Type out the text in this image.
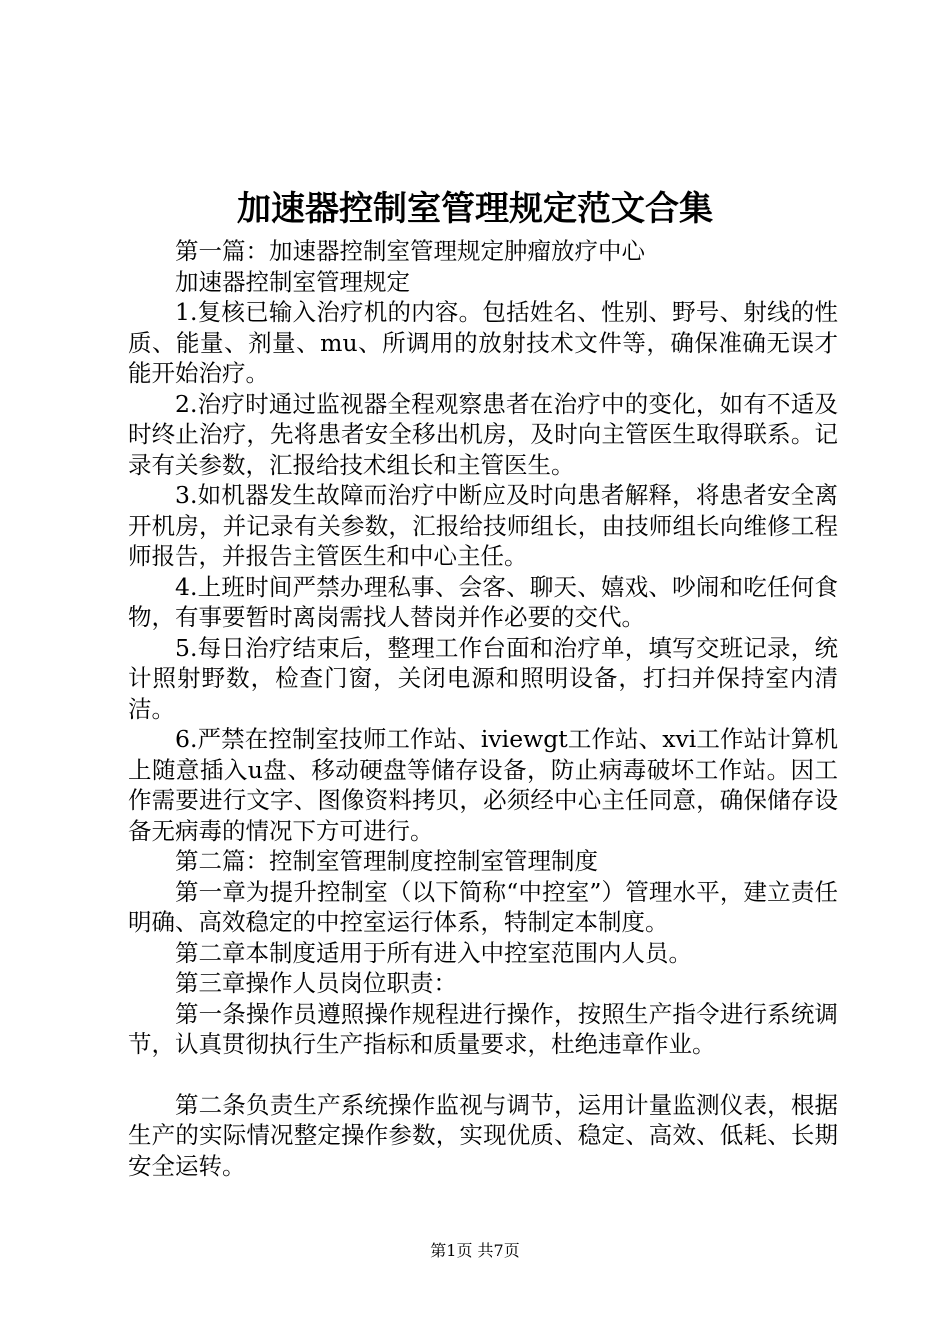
加速器控制室管理规定范文合集

第一篇：加速器控制室管理规定肿瘤放疗中心

加速器控制室管理规定

1.复核已输入治疗机的内容。包括姓名、性别、野号、射线的性质、能量、剂量、mu、所调用的放射技术文件等，确保准确无误才能开始治疗。

2.治疗时通过监视器全程观察患者在治疗中的变化，如有不适及时终止治疗，先将患者安全移出机房，及时向主管医生取得联系。记录有关参数，汇报给技术组长和主管医生。

3.如机器发生故障而治疗中断应及时向患者解释，将患者安全离开机房，并记录有关参数，汇报给技师组长，由技师组长向维修工程师报告，并报告主管医生和中心主任。

4.上班时间严禁办理私事、会客、聊天、嬉戏、吵闹和吃任何食物，有事要暂时离岗需找人替岗并作必要的交代。

5.每日治疗结束后，整理工作台面和治疗单，填写交班记录，统计照射野数，检查门窗，关闭电源和照明设备，打扫并保持室内清洁。

6.严禁在控制室技师工作站、iviewgt工作站、xvi工作站计算机上随意插入u盘、移动硬盘等储存设备，防止病毒破坏工作站。因工作需要进行文字、图像资料拷贝，必须经中心主任同意，确保储存设备无病毒的情况下方可进行。

第二篇：控制室管理制度控制室管理制度

第一章为提升控制室（以下简称“中控室”）管理水平，建立责任明确、高效稳定的中控室运行体系，特制定本制度。

第二章本制度适用于所有进入中控室范围内人员。

第三章操作人员岗位职责：

第一条操作员遵照操作规程进行操作，按照生产指令进行系统调节，认真贯彻执行生产指标和质量要求，杜绝违章作业。

第二条负责生产系统操作监视与调节，运用计量监测仪表，根据生产的实际情况整定操作参数，实现优质、稳定、高效、低耗、长期安全运转。

第1页 共7页
